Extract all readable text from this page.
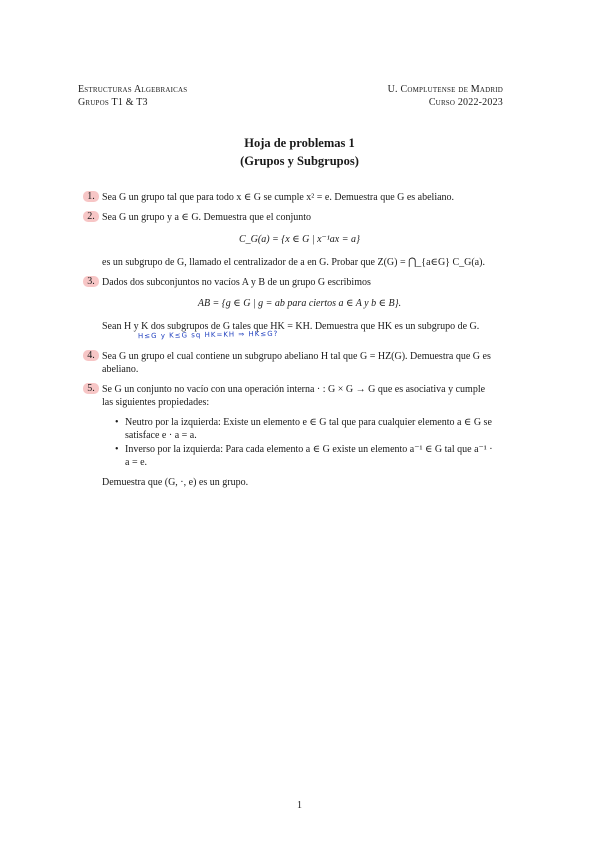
Estructuras Algebraicas
Grupos T1 & T3
U. Complutense de Madrid
Curso 2022-2023
Hoja de problemas 1
(Grupos y Subgrupos)
1. Sea G un grupo tal que para todo x ∈ G se cumple x² = e. Demuestra que G es abeliano.
2. Sea G un grupo y a ∈ G. Demuestra que el conjunto
C_G(a) = {x ∈ G | x⁻¹ax = a}
es un subgrupo de G, llamado el centralizador de a en G. Probar que Z(G) = ⋂_{a∈G} C_G(a).
3. Dados dos subconjuntos no vacíos A y B de un grupo G escribimos
AB = {g ∈ G | g = ab para ciertos a ∈ A y b ∈ B}.
Sean H y K dos subgrupos de G tales que HK = KH. Demuestra que HK es un subgrupo de G.
H≤G y K≤G sq HK=KH ⇒ HK≤G?
4. Sea G un grupo el cual contiene un subgrupo abeliano H tal que G = HZ(G). Demuestra que G es abeliano.
5. Se G un conjunto no vacío con una operación interna · : G × G → G que es asociativa y cumple las siguientes propiedades:
• Neutro por la izquierda: Existe un elemento e ∈ G tal que para cualquier elemento a ∈ G se satisface e · a = a.
• Inverso por la izquierda: Para cada elemento a ∈ G existe un elemento a⁻¹ ∈ G tal que a⁻¹ · a = e.
Demuestra que (G, ·, e) es un grupo.
1
